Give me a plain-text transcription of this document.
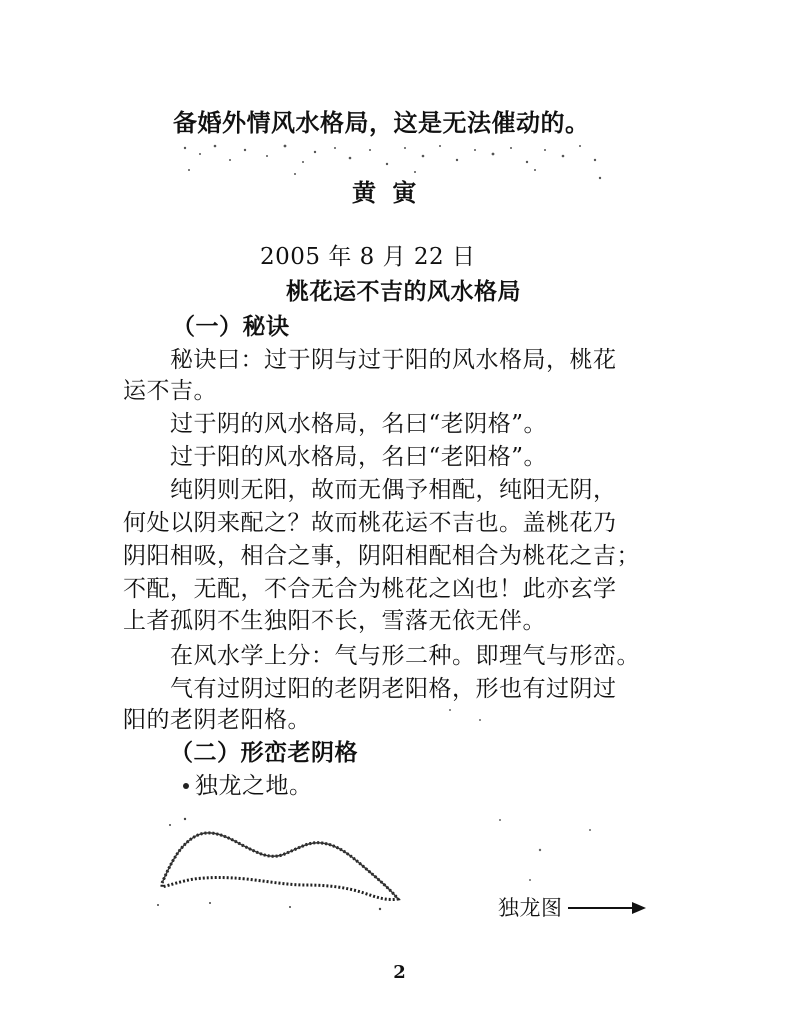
备婚外情风水格局，这是无法催动的。
黄 寅
2005 年 8 月 22 日
桃花运不吉的风水格局
（一）秘诀
秘诀曰：过于阴与过于阳的风水格局，桃花
运不吉。
过于阴的风水格局，名曰“老阴格”。
过于阳的风水格局，名曰“老阳格”。
纯阴则无阳，故而无偶予相配，纯阳无阴，
何处以阴来配之？故而桃花运不吉也。盖桃花乃
阴阳相吸，相合之事，阴阳相配相合为桃花之吉；
不配，无配，不合无合为桃花之凶也！此亦玄学
上者孤阴不生独阳不长，雪落无依无伴。
在风水学上分：气与形二种。即理气与形峦。
气有过阴过阳的老阴老阳格，形也有过阴过
阳的老阴老阳格。
（二）形峦老阴格
独龙之地。
独龙图
2
